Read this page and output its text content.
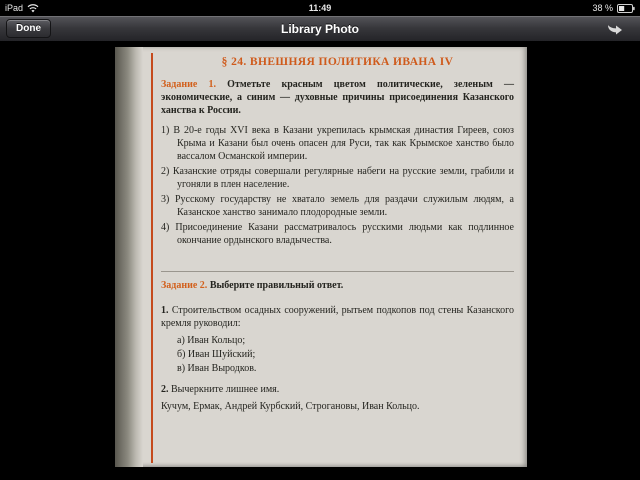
iPad	11:49	38 %
Done	Library Photo
§ 24. ВНЕШНЯЯ ПОЛИТИКА ИВАНА IV
Задание 1. Отметьте красным цветом политические, зеленым — экономические, а синим — духовные причины присоединения Казанского ханства к России.
1) В 20-е годы XVI века в Казани укрепилась крымская династия Гиреев, союз Крыма и Казани был очень опасен для Руси, так как Крымское ханство было вассалом Османской империи.
2) Казанские отряды совершали регулярные набеги на русские земли, грабили и угоняли в плен население.
3) Русскому государству не хватало земель для раздачи служилым людям, а Казанское ханство занимало плодородные земли.
4) Присоединение Казани рассматривалось русскими людьми как подлинное окончание ордынского владычества.
Задание 2. Выберите правильный ответ.
1. Строительством осадных сооружений, рытьем подкопов под стены Казанского кремля руководил:
а) Иван Кольцо;
б) Иван Шуйский;
в) Иван Выродков.
2. Вычеркните лишнее имя.
Кучум, Ермак, Андрей Курбский, Строгановы, Иван Кольцо.
